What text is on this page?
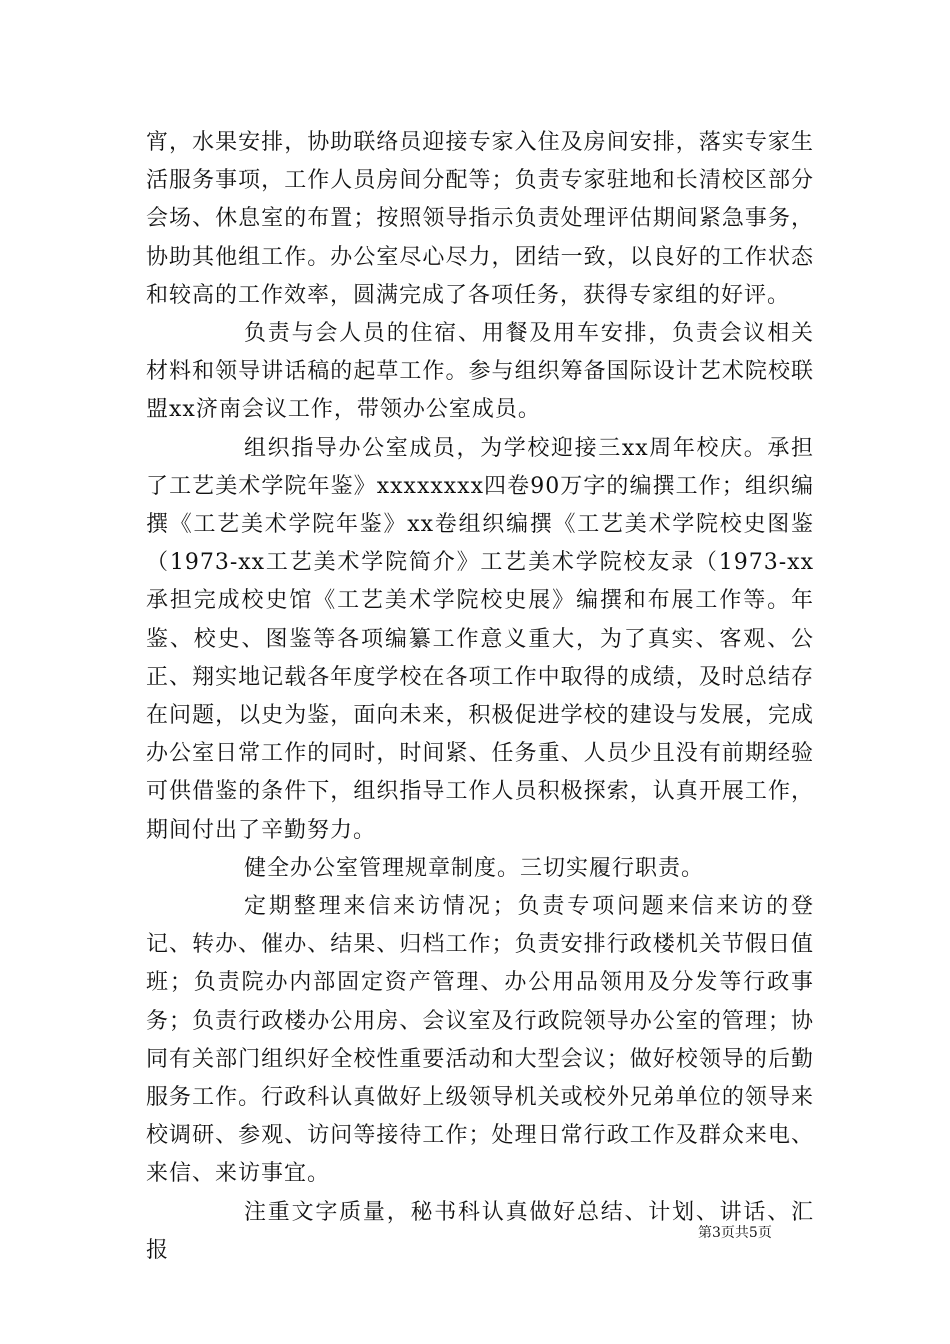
宵，水果安排，协助联络员迎接专家入住及房间安排，落实专家生活服务事项，工作人员房间分配等；负责专家驻地和长清校区部分会场、休息室的布置；按照领导指示负责处理评估期间紧急事务，协助其他组工作。办公室尽心尽力，团结一致，以良好的工作状态和较高的工作效率，圆满完成了各项任务，获得专家组的好评。

负责与会人员的住宿、用餐及用车安排，负责会议相关材料和领导讲话稿的起草工作。参与组织筹备国际设计艺术院校联盟xx济南会议工作，带领办公室成员。

组织指导办公室成员，为学校迎接三xx周年校庆。承担了工艺美术学院年鉴》xxxxxxxx四卷90万字的编撰工作；组织编撰《工艺美术学院年鉴》xx卷组织编撰《工艺美术学院校史图鉴（1973-xx工艺美术学院简介》工艺美术学院校友录（1973-xx承担完成校史馆《工艺美术学院校史展》编撰和布展工作等。年鉴、校史、图鉴等各项编纂工作意义重大，为了真实、客观、公正、翔实地记载各年度学校在各项工作中取得的成绩，及时总结存在问题，以史为鉴，面向未来，积极促进学校的建设与发展，完成办公室日常工作的同时，时间紧、任务重、人员少且没有前期经验可供借鉴的条件下，组织指导工作人员积极探索，认真开展工作，期间付出了辛勤努力。

健全办公室管理规章制度。三切实履行职责。

定期整理来信来访情况；负责专项问题来信来访的登记、转办、催办、结果、归档工作；负责安排行政楼机关节假日值班；负责院办内部固定资产管理、办公用品领用及分发等行政事务；负责行政楼办公用房、会议室及行政院领导办公室的管理；协同有关部门组织好全校性重要活动和大型会议；做好校领导的后勤服务工作。行政科认真做好上级领导机关或校外兄弟单位的领导来校调研、参观、访问等接待工作；处理日常行政工作及群众来电、来信、来访事宜。

注重文字质量，秘书科认真做好总结、计划、讲话、汇报

第3页共5页
